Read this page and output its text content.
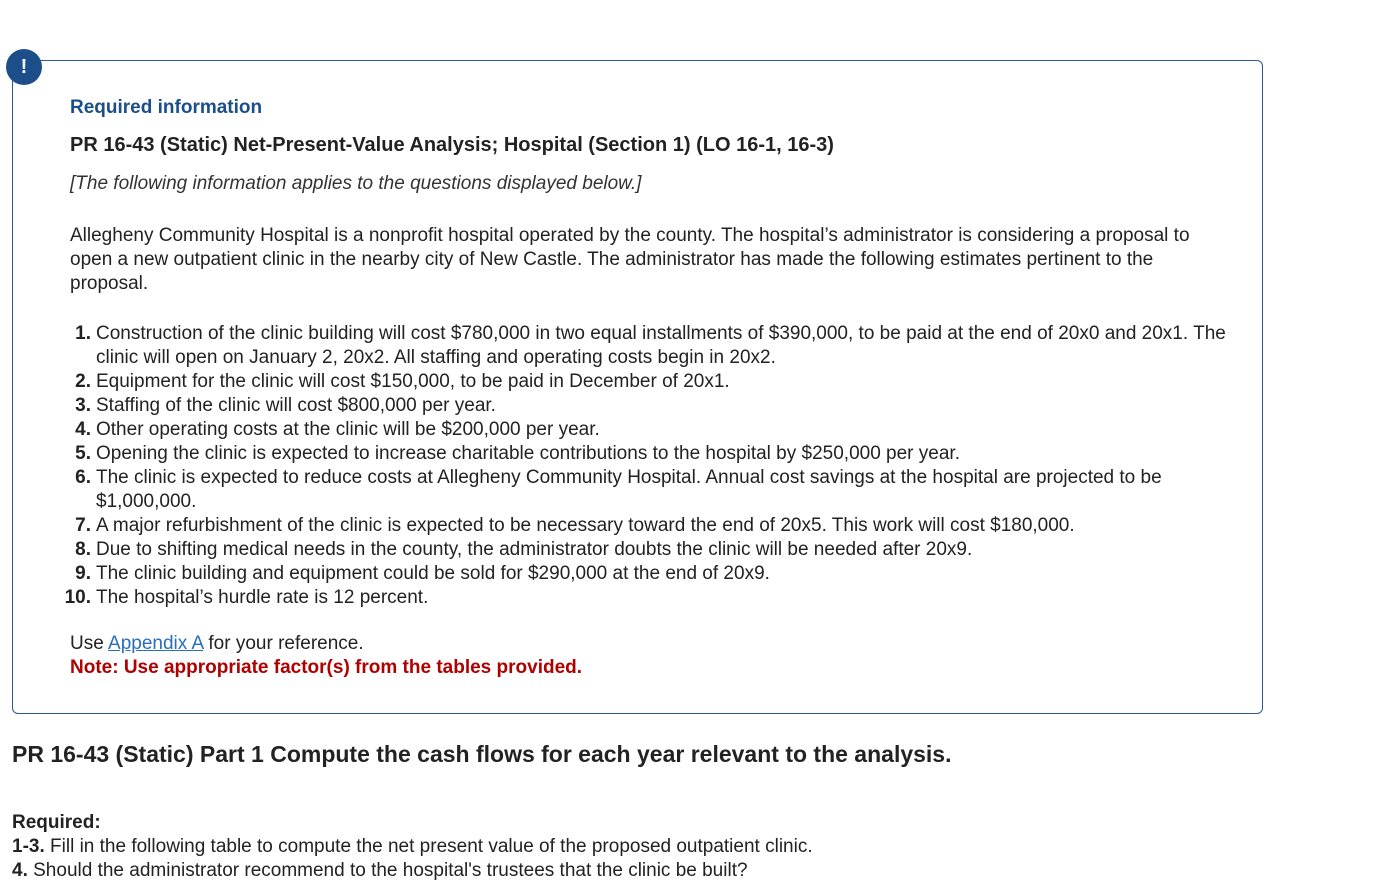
!
Required information
PR 16-43 (Static) Net-Present-Value Analysis; Hospital (Section 1) (LO 16-1, 16-3)
[The following information applies to the questions displayed below.]

Allegheny Community Hospital is a nonprofit hospital operated by the county. The hospital’s administrator is considering a proposal to open a new outpatient clinic in the nearby city of New Castle. The administrator has made the following estimates pertinent to the proposal.

1. Construction of the clinic building will cost $780,000 in two equal installments of $390,000, to be paid at the end of 20x0 and 20x1. The clinic will open on January 2, 20x2. All staffing and operating costs begin in 20x2.
2. Equipment for the clinic will cost $150,000, to be paid in December of 20x1.
3. Staffing of the clinic will cost $800,000 per year.
4. Other operating costs at the clinic will be $200,000 per year.
5. Opening the clinic is expected to increase charitable contributions to the hospital by $250,000 per year.
6. The clinic is expected to reduce costs at Allegheny Community Hospital. Annual cost savings at the hospital are projected to be $1,000,000.
7. A major refurbishment of the clinic is expected to be necessary toward the end of 20x5. This work will cost $180,000.
8. Due to shifting medical needs in the county, the administrator doubts the clinic will be needed after 20x9.
9. The clinic building and equipment could be sold for $290,000 at the end of 20x9.
10. The hospital’s hurdle rate is 12 percent.
Use Appendix A for your reference.
Note: Use appropriate factor(s) from the tables provided.
PR 16-43 (Static) Part 1 Compute the cash flows for each year relevant to the analysis.
Required:
1-3. Fill in the following table to compute the net present value of the proposed outpatient clinic.
4. Should the administrator recommend to the hospital's trustees that the clinic be built?
